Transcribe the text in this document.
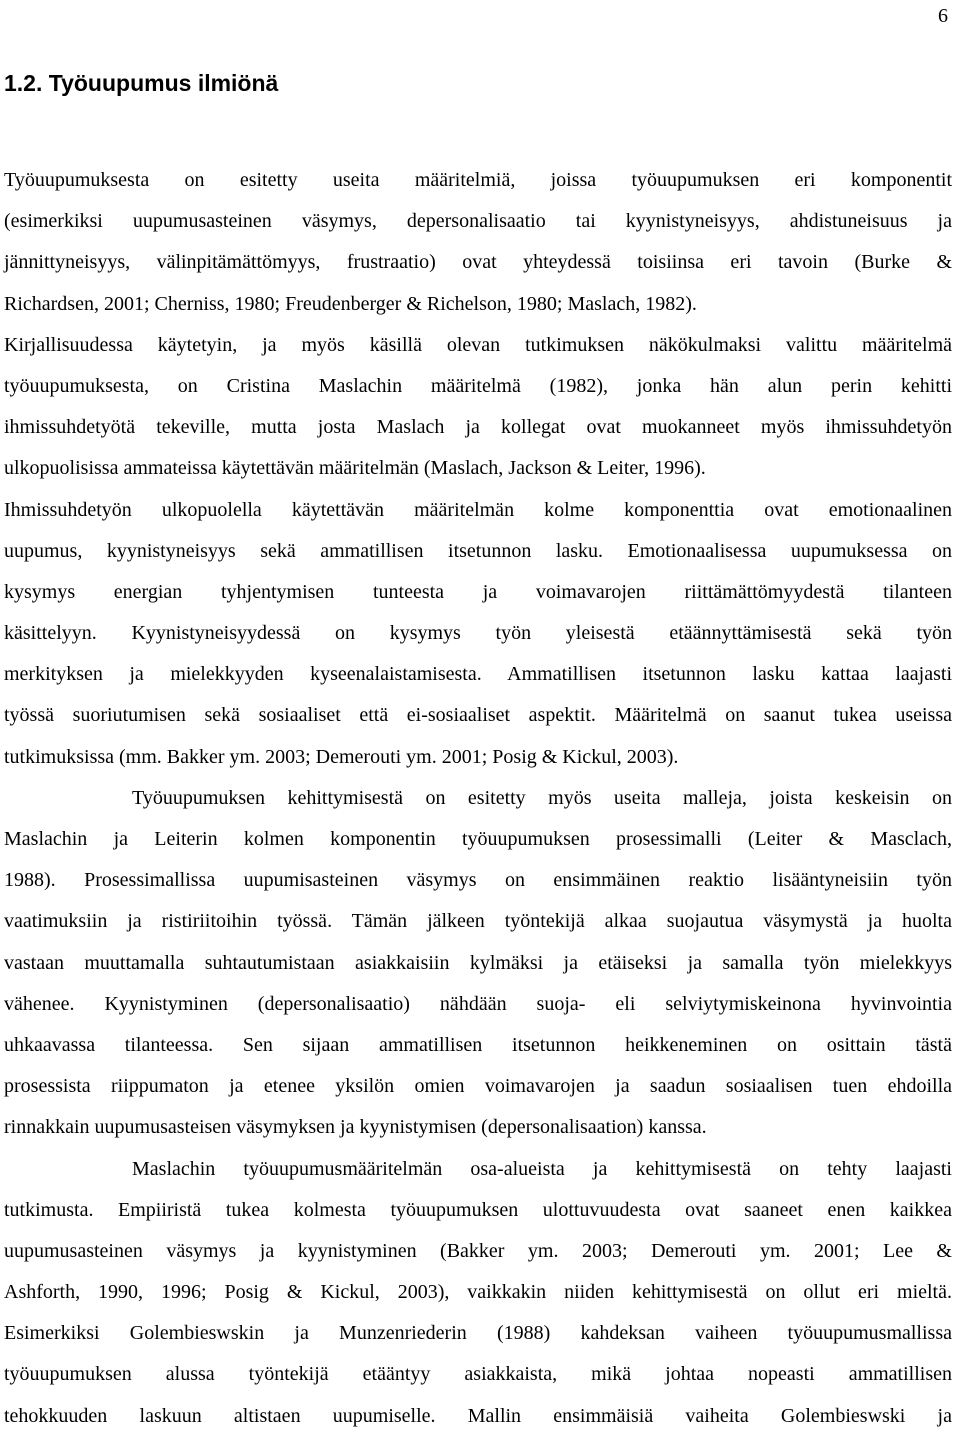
6
1.2. Työuupumus ilmiönä
Työuupumuksesta on esitetty useita määritelmiä, joissa työuupumuksen eri komponentit
(esimerkiksi uupumusasteinen väsymys, depersonalisaatio tai kyynistyneisyys, ahdistuneisuus ja
jännittyneisyys, välinpitämättömyys, frustraatio) ovat yhteydessä toisiinsa eri tavoin (Burke &
Richardsen, 2001; Cherniss, 1980; Freudenberger & Richelson, 1980; Maslach, 1982).
Kirjallisuudessa käytetyin, ja myös käsillä olevan tutkimuksen näkökulmaksi valittu määritelmä
työuupumuksesta, on Cristina Maslachin määritelmä (1982), jonka hän alun perin kehitti
ihmissuhdetyötä tekeville, mutta josta Maslach ja kollegat ovat muokanneet myös ihmissuhdetyön
ulkopuolisissa ammateissa käytettävän määritelmän (Maslach, Jackson & Leiter, 1996).
Ihmissuhdetyön ulkopuolella käytettävän määritelmän kolme komponenttia ovat emotionaalinen
uupumus, kyynistyneisyys sekä ammatillisen itsetunnon lasku. Emotionaalisessa uupumuksessa on
kysymys energian tyhjentymisen tunteesta ja voimavarojen riittämättömyydestä tilanteen
käsittelyyn. Kyynistyneisyydessä on kysymys työn yleisestä etäännyttämisestä sekä työn
merkityksen ja mielekkyyden kyseenalaistamisesta. Ammatillisen itsetunnon lasku kattaa laajasti
työssä suoriutumisen sekä sosiaaliset että ei-sosiaaliset aspektit. Määritelmä on saanut tukea useissa
tutkimuksissa (mm. Bakker ym. 2003; Demerouti ym. 2001; Posig & Kickul, 2003).
Työuupumuksen kehittymisestä on esitetty myös useita malleja, joista keskeisin on
Maslachin ja Leiterin kolmen komponentin työuupumuksen prosessimalli (Leiter & Masclach,
1988). Prosessimallissa uupumisasteinen väsymys on ensimmäinen reaktio lisääntyneisiin työn
vaatimuksiin ja ristiriitoihin työssä. Tämän jälkeen työntekijä alkaa suojautua väsymystä ja huolta
vastaan muuttamalla suhtautumistaan asiakkaisiin kylmäksi ja etäiseksi ja samalla työn mielekkyys
vähenee. Kyynistyminen (depersonalisaatio) nähdään suoja- eli selviytymiskeinona hyvinvointia
uhkaavassa tilanteessa. Sen sijaan ammatillisen itsetunnon heikkeneminen on osittain tästä
prosessista riippumaton ja etenee yksilön omien voimavarojen ja saadun sosiaalisen tuen ehdoilla
rinnakkain uupumusasteisen väsymyksen ja kyynistymisen (depersonalisaation) kanssa.
Maslachin työuupumusmääritelmän osa-alueista ja kehittymisestä on tehty laajasti
tutkimusta. Empiiristä tukea kolmesta työuupumuksen ulottuvuudesta ovat saaneet enen kaikkea
uupumusasteinen väsymys ja kyynistyminen (Bakker ym. 2003; Demerouti ym. 2001; Lee &
Ashforth, 1990, 1996; Posig & Kickul, 2003), vaikkakin niiden kehittymisestä on ollut eri mieltä.
Esimerkiksi Golembieswskin ja Munzenriederin (1988) kahdeksan vaiheen työuupumusmallissa
työuupumuksen alussa työntekijä etääntyy asiakkaista, mikä johtaa nopeasti ammatillisen
tehokkuuden laskuun altistaen uupumiselle. Mallin ensimmäisiä vaiheita Golembieswski ja
